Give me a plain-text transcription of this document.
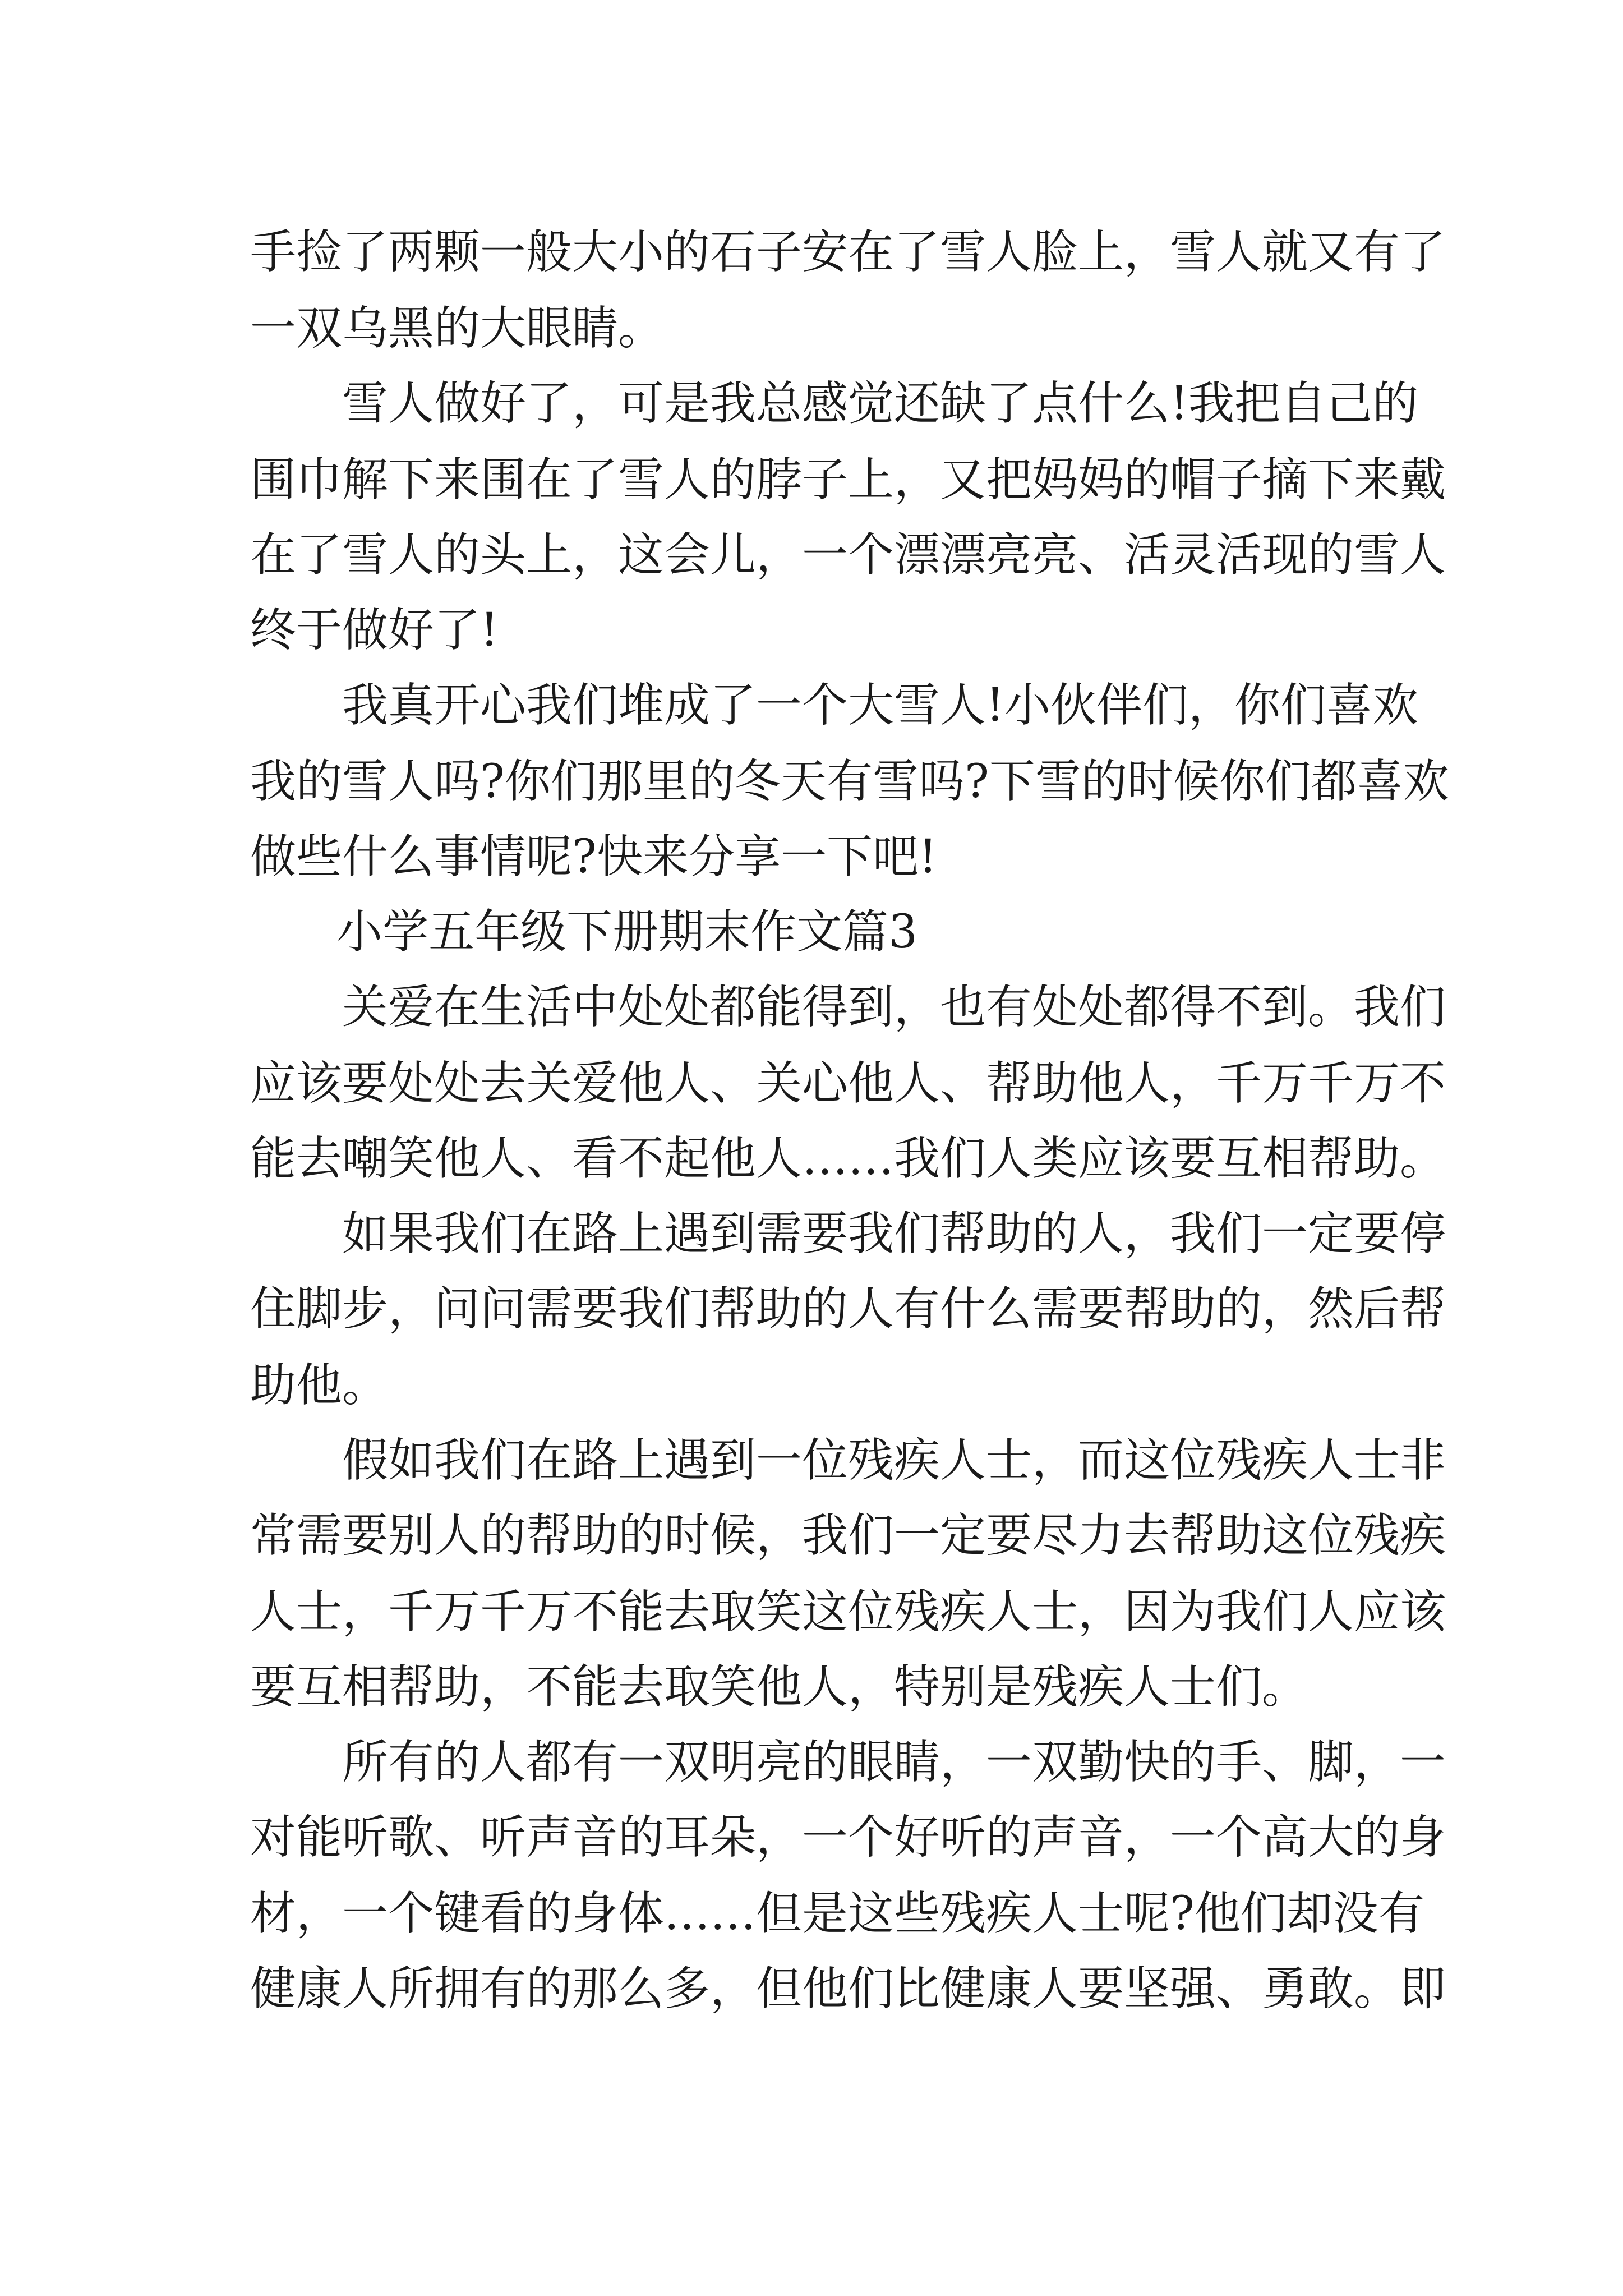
手捡了两颗一般大小的石子安在了雪人脸上，雪人就又有了
一双乌黑的大眼睛。
雪人做好了，可是我总感觉还缺了点什么!我把自己的
围巾解下来围在了雪人的脖子上，又把妈妈的帽子摘下来戴
在了雪人的头上，这会儿，一个漂漂亮亮、活灵活现的雪人
终于做好了!
我真开心我们堆成了一个大雪人!小伙伴们，你们喜欢
我的雪人吗?你们那里的冬天有雪吗?下雪的时候你们都喜欢
做些什么事情呢?快来分享一下吧!
小学五年级下册期末作文篇3
关爱在生活中处处都能得到，也有处处都得不到。我们
应该要处处去关爱他人、关心他人、帮助他人，千万千万不
能去嘲笑他人、看不起他人……我们人类应该要互相帮助。
如果我们在路上遇到需要我们帮助的人，我们一定要停
住脚步，问问需要我们帮助的人有什么需要帮助的，然后帮
助他。
假如我们在路上遇到一位残疾人士，而这位残疾人士非
常需要别人的帮助的时候，我们一定要尽力去帮助这位残疾
人士，千万千万不能去取笑这位残疾人士，因为我们人应该
要互相帮助，不能去取笑他人，特别是残疾人士们。
所有的人都有一双明亮的眼睛，一双勤快的手、脚，一
对能听歌、听声音的耳朵，一个好听的声音，一个高大的身
材，一个键看的身体……但是这些残疾人士呢?他们却没有
健康人所拥有的那么多，但他们比健康人要坚强、勇敢。即
